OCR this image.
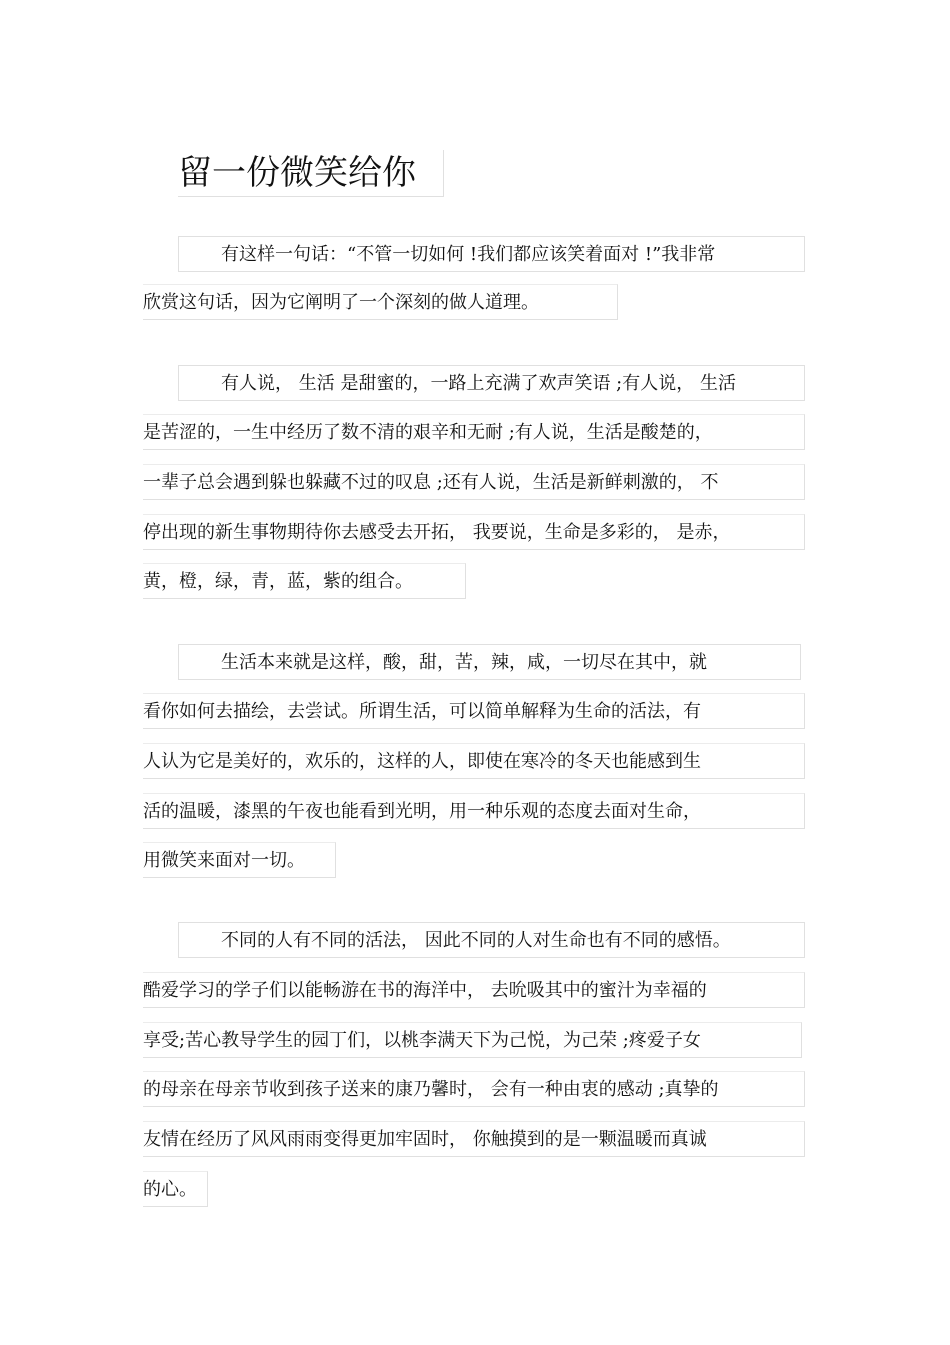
留一份微笑给你
有这样一句话：“不管一切如何 !我们都应该笑着面对 !”我非常
欣赏这句话，因为它阐明了一个深刻的做人道理。
有人说， 生活 是甜蜜的，一路上充满了欢声笑语 ;有人说， 生活
是苦涩的，一生中经历了数不清的艰辛和无耐 ;有人说，生活是酸楚的，
一辈子总会遇到躲也躲藏不过的叹息 ;还有人说，生活是新鲜刺激的， 不
停出现的新生事物期待你去感受去开拓， 我要说，生命是多彩的， 是赤，
黄，橙，绿，青，蓝，紫的组合。
生活本来就是这样，酸，甜，苦，辣，咸，一切尽在其中，就
看你如何去描绘，去尝试。所谓生活，可以简单解释为生命的活法，有
人认为它是美好的，欢乐的，这样的人，即使在寒冷的冬天也能感到生
活的温暖，漆黑的午夜也能看到光明，用一种乐观的态度去面对生命，
用微笑来面对一切。
不同的人有不同的活法， 因此不同的人对生命也有不同的感悟。
酷爱学习的学子们以能畅游在书的海洋中， 去吮吸其中的蜜汁为幸福的
享受;苦心教导学生的园丁们，以桃李满天下为己悦，为己荣 ;疼爱子女
的母亲在母亲节收到孩子送来的康乃馨时， 会有一种由衷的感动 ;真挚的
友情在经历了风风雨雨变得更加牢固时， 你触摸到的是一颗温暖而真诚
的心。
